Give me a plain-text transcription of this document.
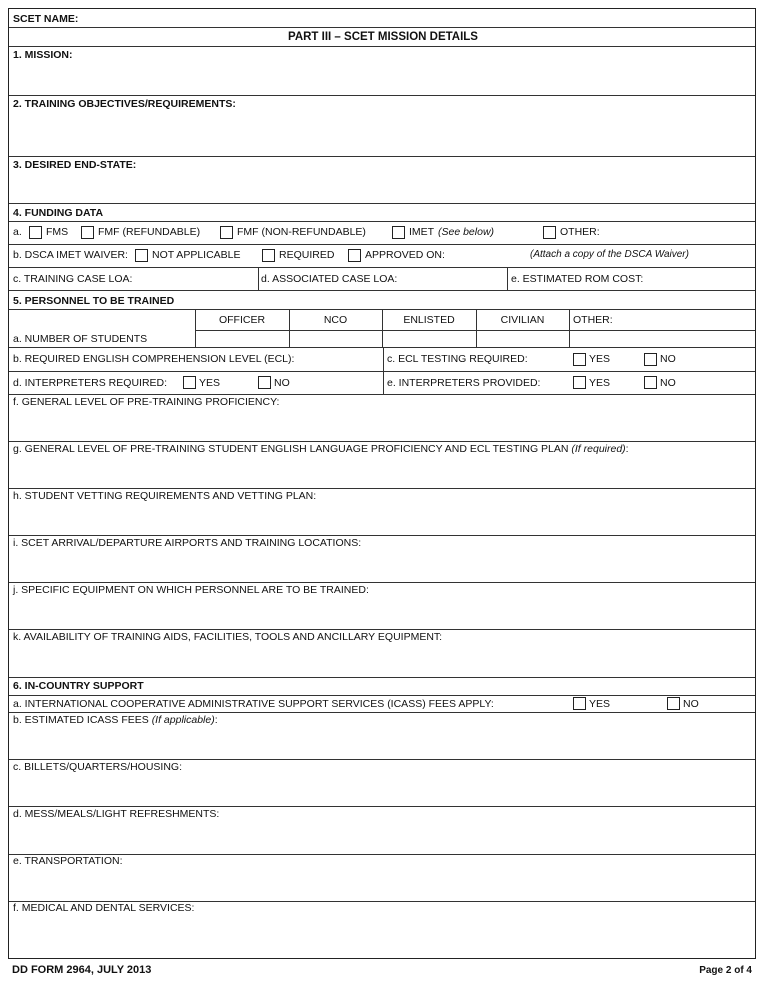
SCET NAME:
PART III – SCET MISSION DETAILS
1. MISSION:
2. TRAINING OBJECTIVES/REQUIREMENTS:
3. DESIRED END-STATE:
4. FUNDING DATA
a. FMS	FMF (REFUNDABLE)	FMF (NON-REFUNDABLE)	IMET (See below)	OTHER:
b. DSCA IMET WAIVER: NOT APPLICABLE	REQUIRED	APPROVED ON:	(Attach a copy of the DSCA Waiver)
c. TRAINING CASE LOA:	d. ASSOCIATED CASE LOA:	e. ESTIMATED ROM COST:
5. PERSONNEL TO BE TRAINED
OFFICER	NCO	ENLISTED	CIVILIAN	OTHER:
a. NUMBER OF STUDENTS
b. REQUIRED ENGLISH COMPREHENSION LEVEL (ECL):	c. ECL TESTING REQUIRED:	YES	NO
d. INTERPRETERS REQUIRED:	YES	NO	e. INTERPRETERS PROVIDED:	YES	NO
f. GENERAL LEVEL OF PRE-TRAINING PROFICIENCY:
g. GENERAL LEVEL OF PRE-TRAINING STUDENT ENGLISH LANGUAGE PROFICIENCY AND ECL TESTING PLAN (If required):
h. STUDENT VETTING REQUIREMENTS AND VETTING PLAN:
i. SCET ARRIVAL/DEPARTURE AIRPORTS AND TRAINING LOCATIONS:
j. SPECIFIC EQUIPMENT ON WHICH PERSONNEL ARE TO BE TRAINED:
k. AVAILABILITY OF TRAINING AIDS, FACILITIES, TOOLS AND ANCILLARY EQUIPMENT:
6. IN-COUNTRY SUPPORT
a. INTERNATIONAL COOPERATIVE ADMINISTRATIVE SUPPORT SERVICES (ICASS) FEES APPLY:	YES	NO
b. ESTIMATED ICASS FEES (If applicable):
c. BILLETS/QUARTERS/HOUSING:
d. MESS/MEALS/LIGHT REFRESHMENTS:
e. TRANSPORTATION:
f. MEDICAL AND DENTAL SERVICES:
DD FORM 2964, JULY 2013	Page 2 of 4
